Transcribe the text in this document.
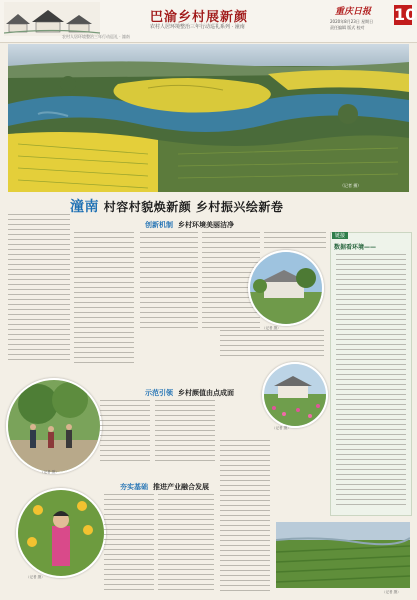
巴渝乡村展新颜
农村人居环境整治三年行动巡礼系列 · 潼南
重庆日报 10
2020年8月23日 星期日
责任编辑 版式 校对
农村人居环境整治三年行动巡礼 · 潼南
（记者 摄）
潼南 村容村貌焕新颜 乡村振兴绘新卷
创新机制 乡村环境美丽洁净
（记者 摄）
示范引领 乡村颜值由点成面
（记者 摄）
（记者 摄）
夯实基础 推进产业融合发展
（记者 摄）
（记者 摄）
链接
数据看环境——
